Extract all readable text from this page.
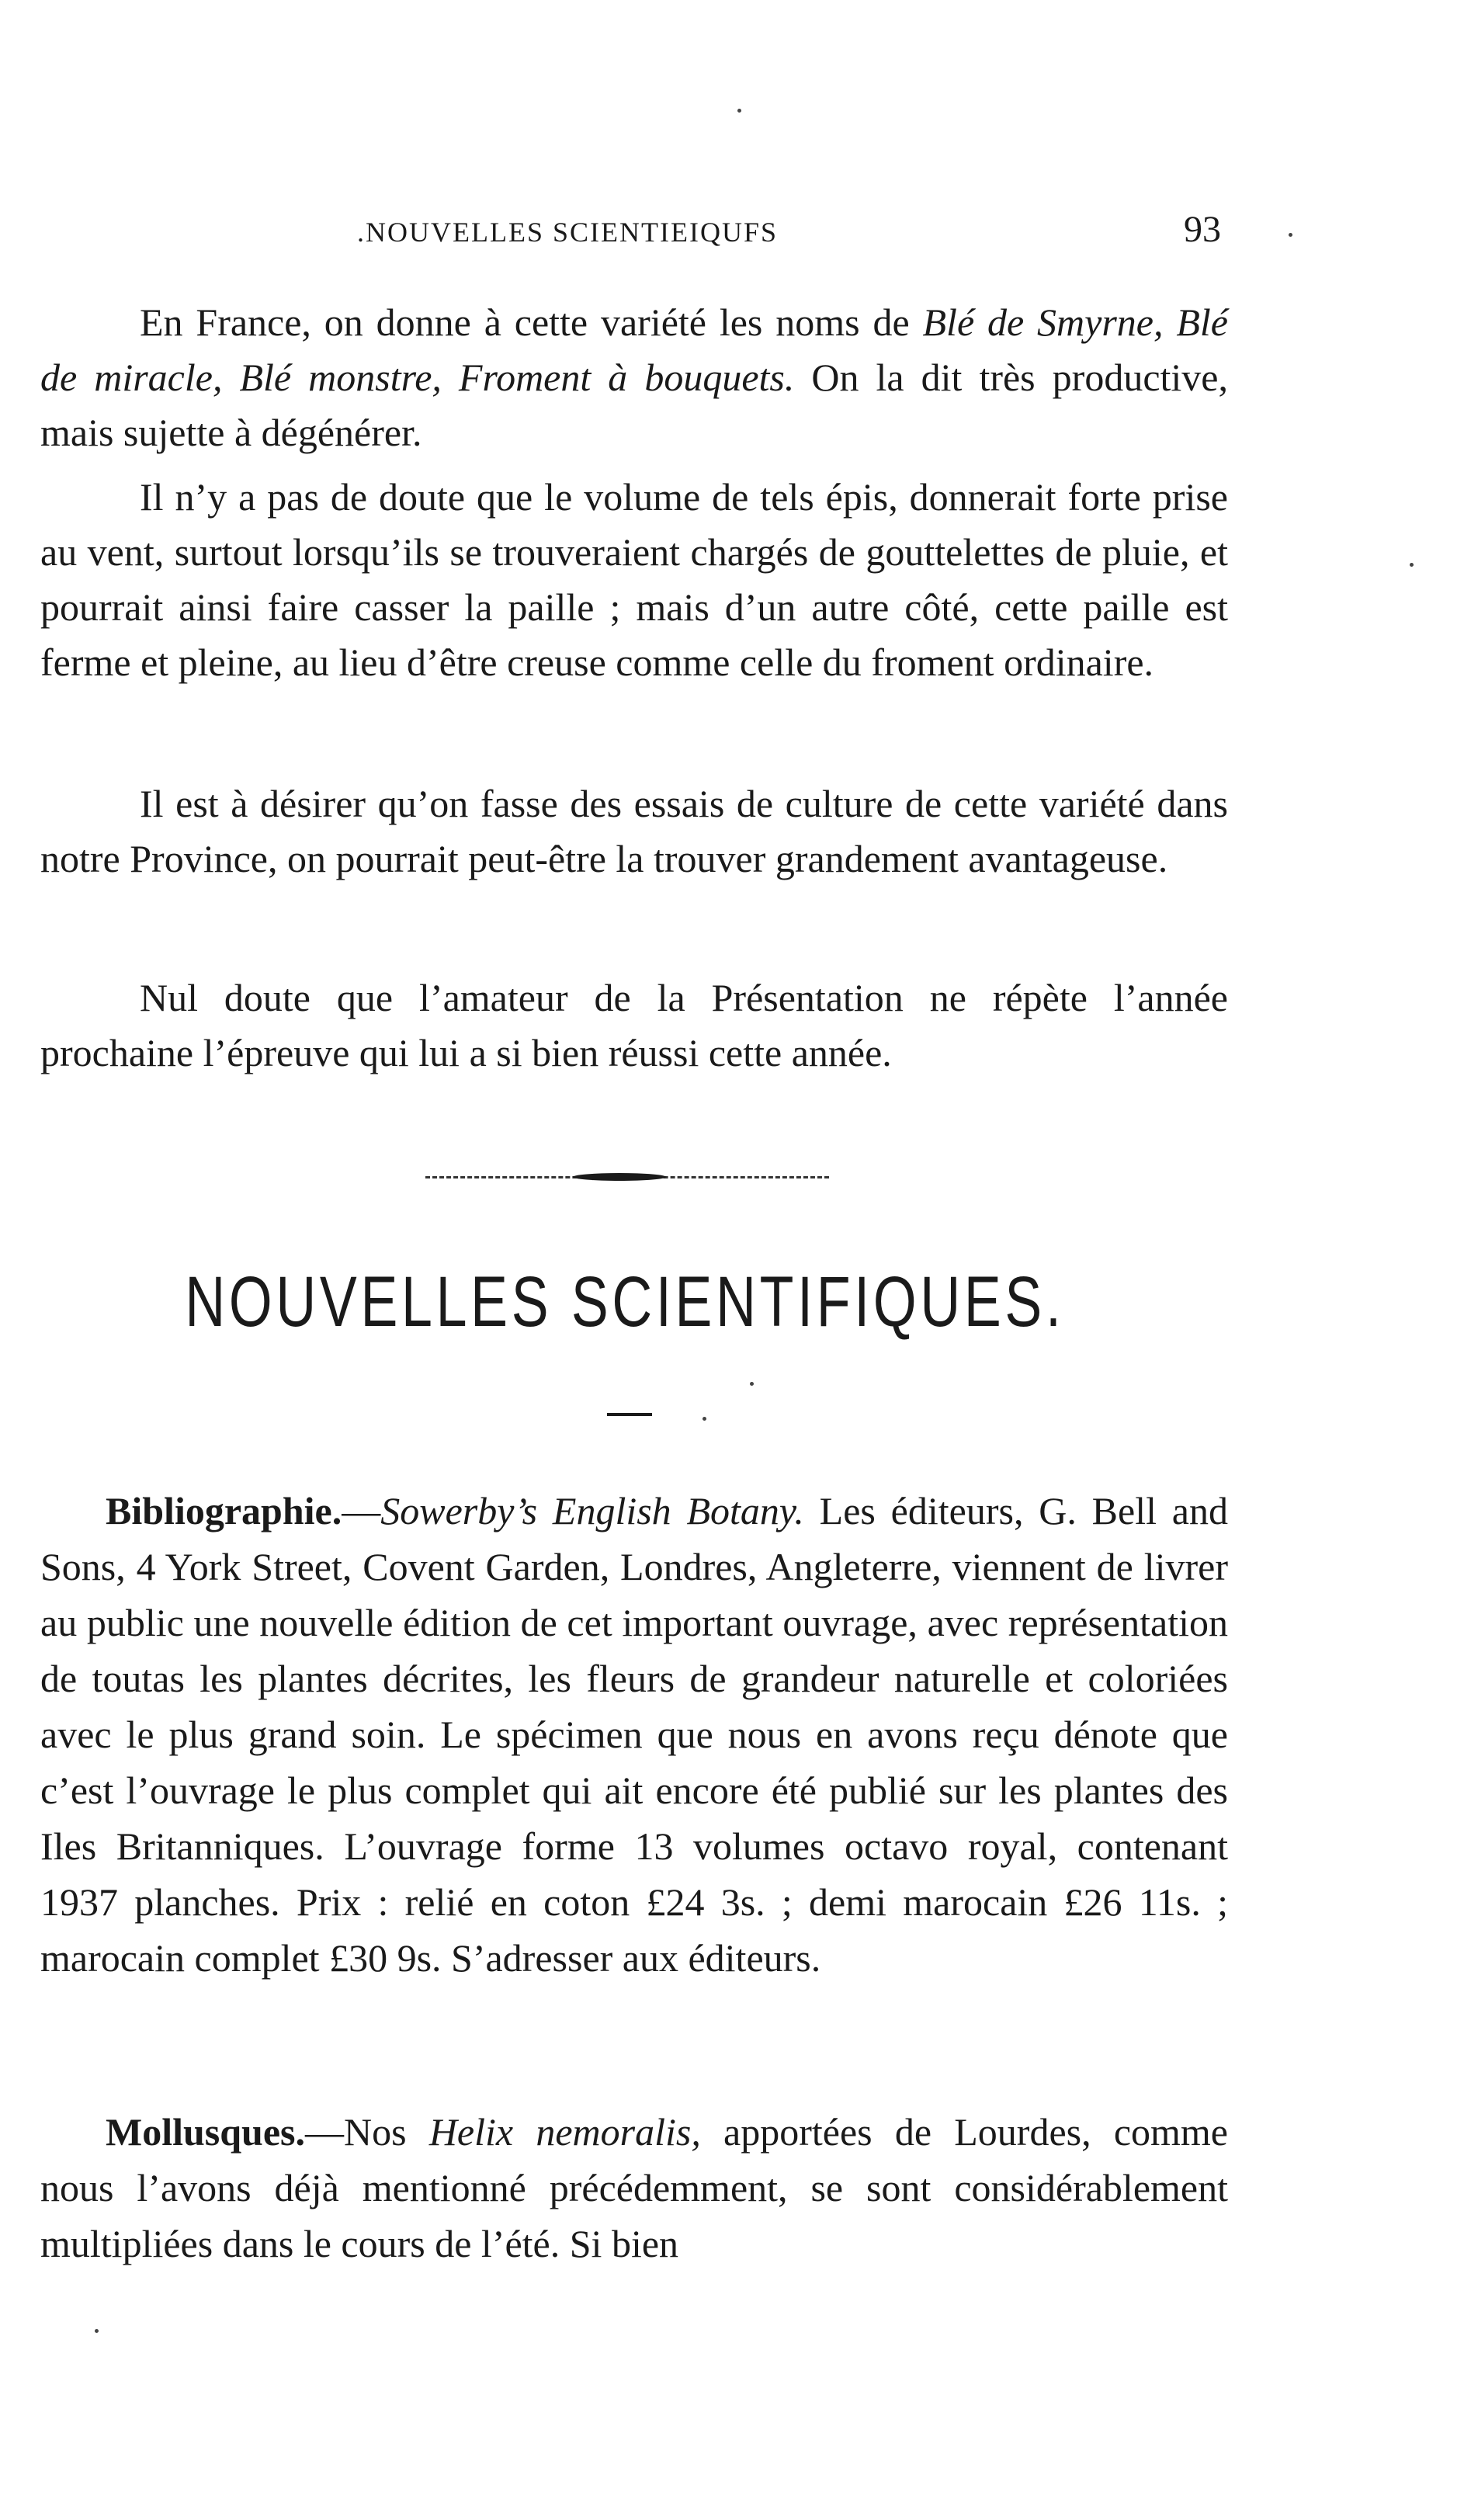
.NOUVELLES SCIENTIEIQUFS	93

En France, on donne à cette variété les noms de Blé de Smyrne, Blé de miracle, Blé monstre, Froment à bouquets. On la dit très productive, mais sujette à dégénérer.

Il n’y a pas de doute que le volume de tels épis, donnerait forte prise au vent, surtout lorsqu’ils se trouveraient chargés de gouttelettes de pluie, et pourrait ainsi faire casser la paille ; mais d’un autre côté, cette paille est ferme et pleine, au lieu d’être creuse comme celle du froment ordinaire.

Il est à désirer qu’on fasse des essais de culture de cette variété dans notre Province, on pourrait peut-être la trouver grandement avantageuse.

Nul doute que l’amateur de la Présentation ne répète l’année prochaine l’épreuve qui lui a si bien réussi cette année.

NOUVELLES SCIENTIFIQUES.

Bibliographie.—Sowerby’s English Botany. Les éditeurs, G. Bell and Sons, 4 York Street, Covent Garden, Londres, Angleterre, viennent de livrer au public une nouvelle édition de cet important ouvrage, avec représentation de toutas les plantes décrites, les fleurs de grandeur naturelle et coloriées avec le plus grand soin. Le spécimen que nous en avons reçu dénote que c’est l’ouvrage le plus complet qui ait encore été publié sur les plantes des Iles Britanniques. L’ouvrage forme 13 volumes octavo royal, contenant 1937 planches. Prix : relié en coton £24 3s. ; demi marocain £26 11s. ; marocain complet £30 9s. S’adresser aux éditeurs.

Mollusques.—Nos Helix nemoralis, apportées de Lourdes, comme nous l’avons déjà mentionné précédemment, se sont considérablement multipliées dans le cours de l’été. Si bien
